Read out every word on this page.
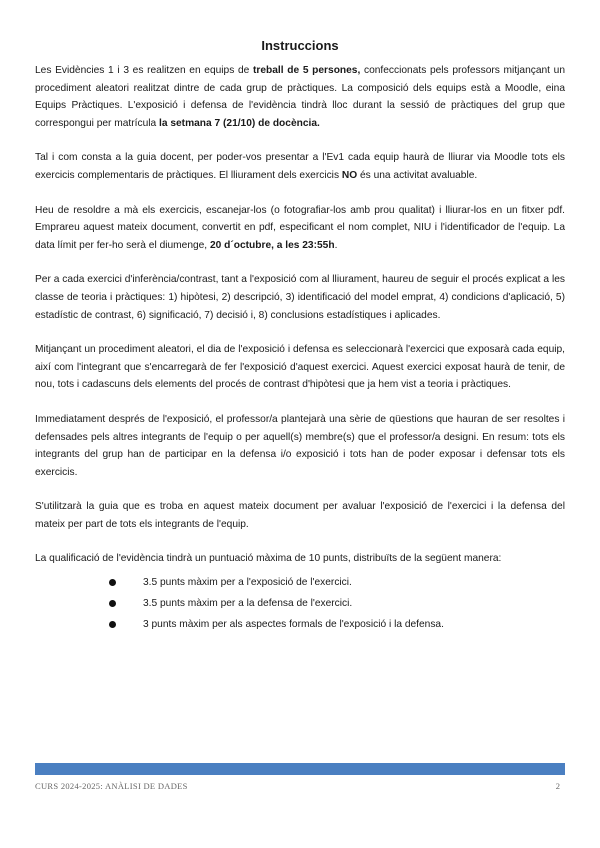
Instruccions

Les Evidències 1 i 3 es realitzen en equips de treball de 5 persones, confeccionats pels professors mitjançant un procediment aleatori realitzat dintre de cada grup de pràctiques. La composició dels equips està a Moodle, eina Equips Pràctiques. L'exposició i defensa de l'evidència tindrà lloc durant la sessió de pràctiques del grup que correspongui per matrícula la setmana 7 (21/10) de docència.

Tal i com consta a la guia docent, per poder-vos presentar a l'Ev1 cada equip haurà de lliurar via Moodle tots els exercicis complementaris de pràctiques. El lliurament dels exercicis NO és una activitat avaluable.

Heu de resoldre a mà els exercicis, escanejar-los (o fotografiar-los amb prou qualitat) i lliurar-los en un fitxer pdf. Emprareu aquest mateix document, convertit en pdf, especificant el nom complet, NIU i l'identificador de l'equip. La data límit per fer-ho serà el diumenge, 20 d´octubre, a les 23:55h.

Per a cada exercici d'inferència/contrast, tant a l'exposició com al lliurament, haureu de seguir el procés explicat a les classe de teoria i pràctiques: 1) hipòtesi, 2) descripció, 3) identificació del model emprat, 4) condicions d'aplicació, 5) estadístic de contrast, 6) significació, 7) decisió i, 8) conclusions estadístiques i aplicades.

Mitjançant un procediment aleatori, el dia de l'exposició i defensa es seleccionarà l'exercici que exposarà cada equip, així com l'integrant que s'encarregarà de fer l'exposició d'aquest exercici. Aquest exercici exposat haurà de tenir, de nou, tots i cadascuns dels elements del procés de contrast d'hipòtesi que ja hem vist a teoria i pràctiques.

Immediatament després de l'exposició, el professor/a plantejarà una sèrie de qüestions que hauran de ser resoltes i defensades pels altres integrants de l'equip o per aquell(s) membre(s) que el professor/a designi. En resum: tots els integrants del grup han de participar en la defensa i/o exposició i tots han de poder exposar i defensar tots els exercicis.

S'utilitzarà la guia que es troba en aquest mateix document per avaluar l'exposició de l'exercici i la defensa del mateix per part de tots els integrants de l'equip.

La qualificació de l'evidència tindrà un puntuació màxima de 10 punts, distribuïts de la següent manera:

3.5 punts màxim per a l'exposició de l'exercici.
3.5 punts màxim per a la defensa de l'exercici.
3 punts màxim per als aspectes formals de l'exposició i la defensa.
CURS 2024-2025: ANÀLISI DE DADES	2
